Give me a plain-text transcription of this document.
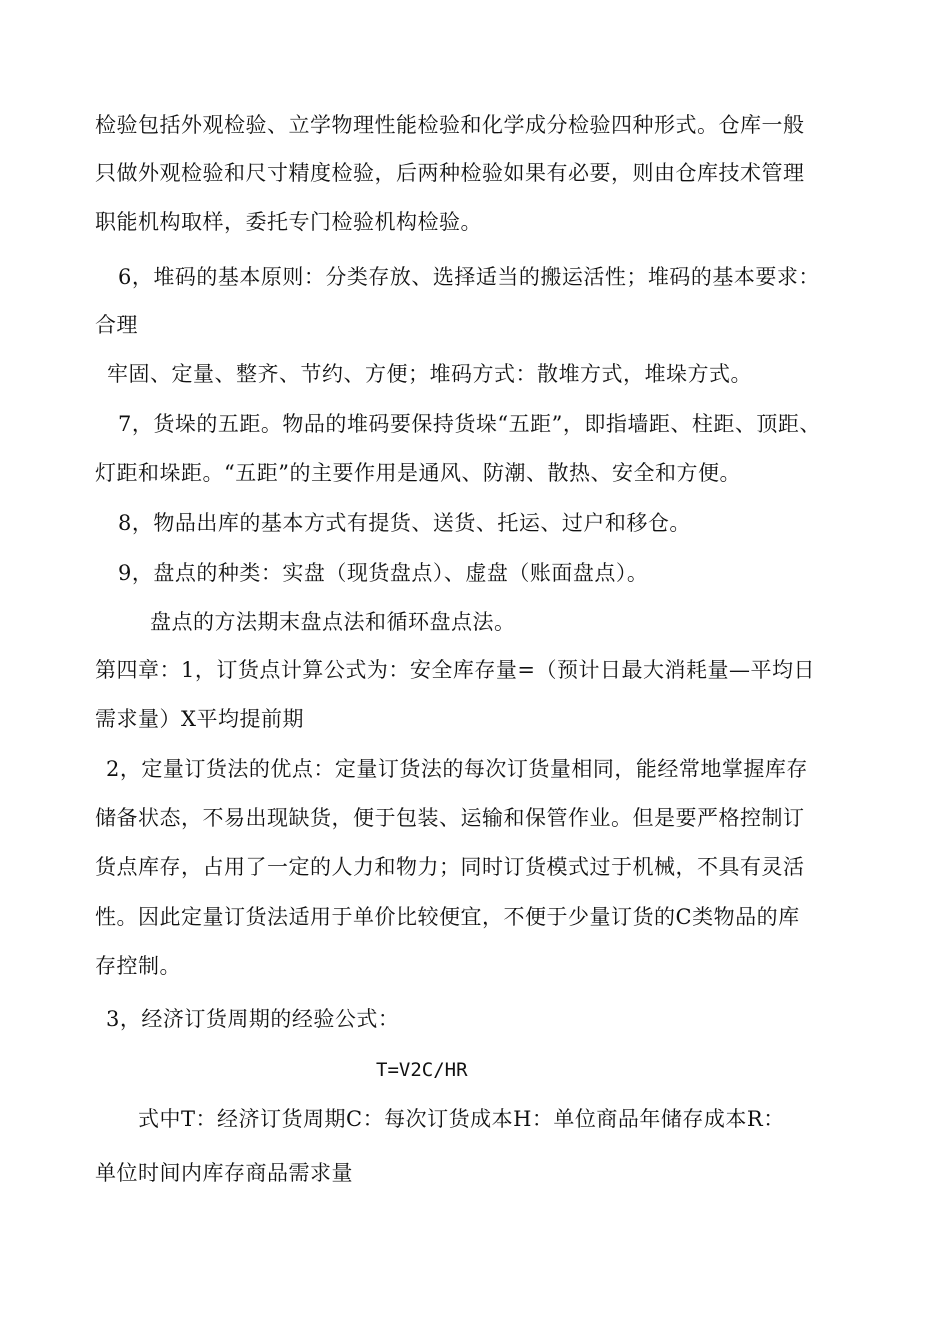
检验包括外观检验、立学物理性能检验和化学成分检验四种形式。仓库一般
只做外观检验和尺寸精度检验，后两种检验如果有必要，则由仓库技术管理
职能机构取样，委托专门检验机构检验。
6，堆码的基本原则：分类存放、选择适当的搬运活性；堆码的基本要求：
合理
牢固、定量、整齐、节约、方便；堆码方式：散堆方式，堆垛方式。
7，货垛的五距。物品的堆码要保持货垛“五距”，即指墙距、柱距、顶距、
灯距和垛距。“五距”的主要作用是通风、防潮、散热、安全和方便。
8，物品出库的基本方式有提货、送货、托运、过户和移仓。
9，盘点的种类：实盘（现货盘点）、虚盘（账面盘点）。
盘点的方法期末盘点法和循环盘点法。
第四章：1，订货点计算公式为：安全库存量=（预计日最大消耗量—平均日
需求量）X平均提前期
2，定量订货法的优点：定量订货法的每次订货量相同，能经常地掌握库存
储备状态，不易出现缺货，便于包装、运输和保管作业。但是要严格控制订
货点库存，占用了一定的人力和物力；同时订货模式过于机械，不具有灵活
性。因此定量订货法适用于单价比较便宜，不便于少量订货的C类物品的库
存控制。
3，经济订货周期的经验公式：
T=V2C/HR
式中T：经济订货周期C：每次订货成本H：单位商品年储存成本R：
单位时间内库存商品需求量
